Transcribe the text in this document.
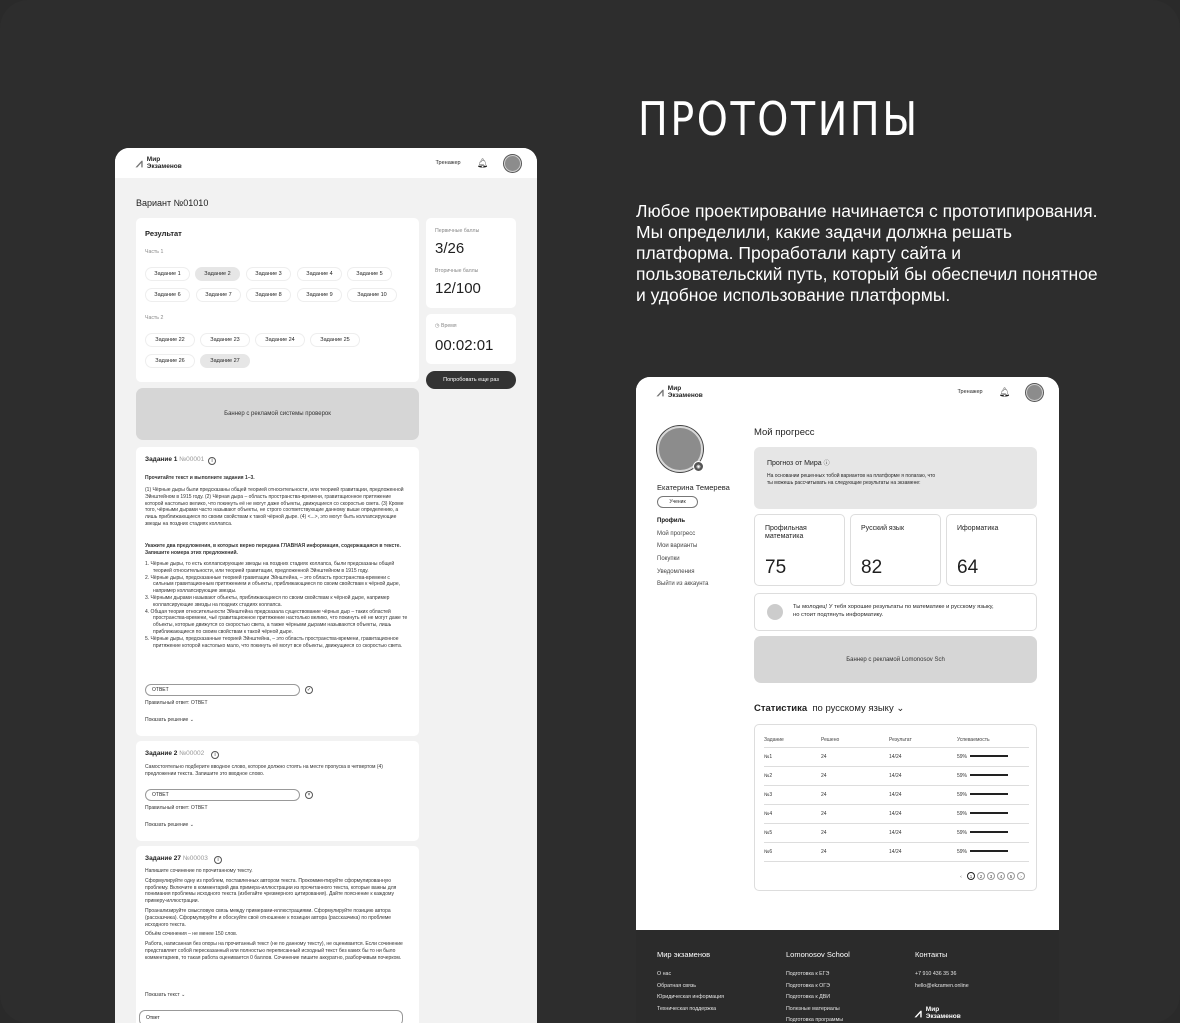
ПРОТОТИПЫ

Любое проектирование начинается с прототипирования. Мы определили, какие задачи должна решать платформа. Проработали карту сайта и пользовательский путь, который бы обеспечил понятное и удобное использование платформы.

⩘ Мир
Экзаменов	Тренажер 🔔︎
Вариант №01010
Результат
Часть 1
Задание 1	Задание 2	Задание 3	Задание 4	Задание 5
Задание 6	Задание 7	Задание 8	Задание 9	Задание 10
Часть 2
Задание 22	Задание 23	Задание 24	Задание 25
Задание 26	Задание 27
Первичные баллы
3/26
Вторичные баллы
12/100
◷ Время
00:02:01
Попробовать еще раз
Баннер с рекламой системы проверок
Задание 1 №00001	i
Прочитайте текст и выполните задания 1–3.
(1) Чёрные дыры были предсказаны общей теорией относительности, или теорией гравитации, предложенной Эйнштейном в 1915 году. (2) Чёрная дыра – область пространства-времени, гравитационное притяжение которой настолько велико, что покинуть её не могут даже объекты, движущиеся со скоростью света. (3) Кроме того, чёрными дырами часто называют объекты, не строго соответствующие данному выше определению, а лишь приближающиеся по своим свойствам к такой чёрной дыре. (4) <...>, это могут быть коллапсирующие звезды на поздних стадиях коллапса.
Укажите два предложения, в которых верно передана ГЛАВНАЯ информация, содержащаяся в тексте. Запишите номера этих предложений.
1. Чёрные дыры, то есть коллапсирующие звезды на поздних стадиях коллапса, были предсказаны общей теорией относительности, или теорией гравитации, предложенной Эйнштейном в 1915 году.
2. Чёрные дыры, предсказанные теорией гравитации Эйнштейна, – это область пространства-времени с сильным гравитационным притяжением и объекты, приближающиеся по своим свойствам к чёрной дыре, например коллапсирующие звезды.
3. Чёрными дырами называют объекты, приближающиеся по своим свойствам к чёрной дыре, например коллапсирующие звезды на поздних стадиях коллапса.
4. Общая теория относительности Эйнштейна предсказала существование чёрных дыр – таких областей пространства-времени, чьё гравитационное притяжение настолько велико, что покинуть её не могут даже те объекты, которые движутся со скоростью света, а также чёрными дырами называются объекты, лишь приближающиеся по своим свойствам к такой чёрной дыре.
5. Чёрные дыры, предсказанные теорией Эйнштейна, – это область пространства-времени, гравитационное притяжение которой настолько мало, что покинуть её могут все объекты, движущиеся со скоростью света.
ОТВЕТ	✓
Правильный ответ: ОТВЕТ
Показать решение ⌄
Задание 2 №00002	i
Самостоятельно подберите вводное слово, которое должно стоять на месте пропуска в четвертом (4) предложении текста. Запишите это вводное слово.
ОТВЕТ	×
Правильный ответ: ОТВЕТ
Показать решение ⌄
Задание 27 №00003	i
Напишите сочинение по прочитанному тексту.
Сформулируйте одну из проблем, поставленных автором текста. Прокомментируйте сформулированную проблему. Включите в комментарий два примера-иллюстрации из прочитанного текста, которые важны для понимания проблемы исходного текста (избегайте чрезмерного цитирования). Дайте пояснение к каждому примеру-иллюстрации.
Проанализируйте смысловую связь между примерами-иллюстрациями. Сформулируйте позицию автора (рассказчика). Сформулируйте и обоснуйте своё отношение к позиции автора (рассказчика) по проблеме исходного текста.
Объём сочинения – не менее 150 слов.
Работа, написанная без опоры на прочитанный текст (не по данному тексту), не оценивается. Если сочинение представляет собой пересказанный или полностью переписанный исходный текст без каких бы то ни было комментариев, то такая работа оценивается 0 баллов. Сочинение пишите аккуратно, разборчивым почерком.
Показать текст ⌄
Ответ
⩘ Мир
Экзаменов	Тренажер 🔔︎
◉
Екатерина Темерева
Ученик
Профиль
Мой прогресс
Мои варианты
Покупки
Уведомления
Выйти из аккаунта
Мой прогресс
Прогноз от Мира ⓘ
На основании решенных тобой вариантов на платформе я полагаю, что ты можешь рассчитывать на следующие результаты на экзамене:
Профильная математика
75
Русский язык
82
Иформатика
64
Ты молодец! У тебя хорошие результаты по математике и русскому языку, но стоит подтянуть информатику.
Баннер с рекламой Lomonosov Sch
Статистика по русскому языку ⌄
Задание	Решено	Результат	Успеваемость
№1	24	14/24	59%
№2	24	14/24	59%
№3	24	14/24	59%
№4	24	14/24	59%
№5	24	14/24	59%
№6	24	14/24	59%
‹	1	2	3	4	5	›
Мир экзаменов
О нас
Обратная связь
Юридическая информация
Техническая поддержка
Lomonosov School
Подготовка к ЕГЭ
Подготовка к ОГЭ
Подготовка к ДВИ
Полезные материалы
Подготовка программы
Контакты
+7 910 436 35 36
hello@ekzamen.online
⩘ Мир
Экзаменов
